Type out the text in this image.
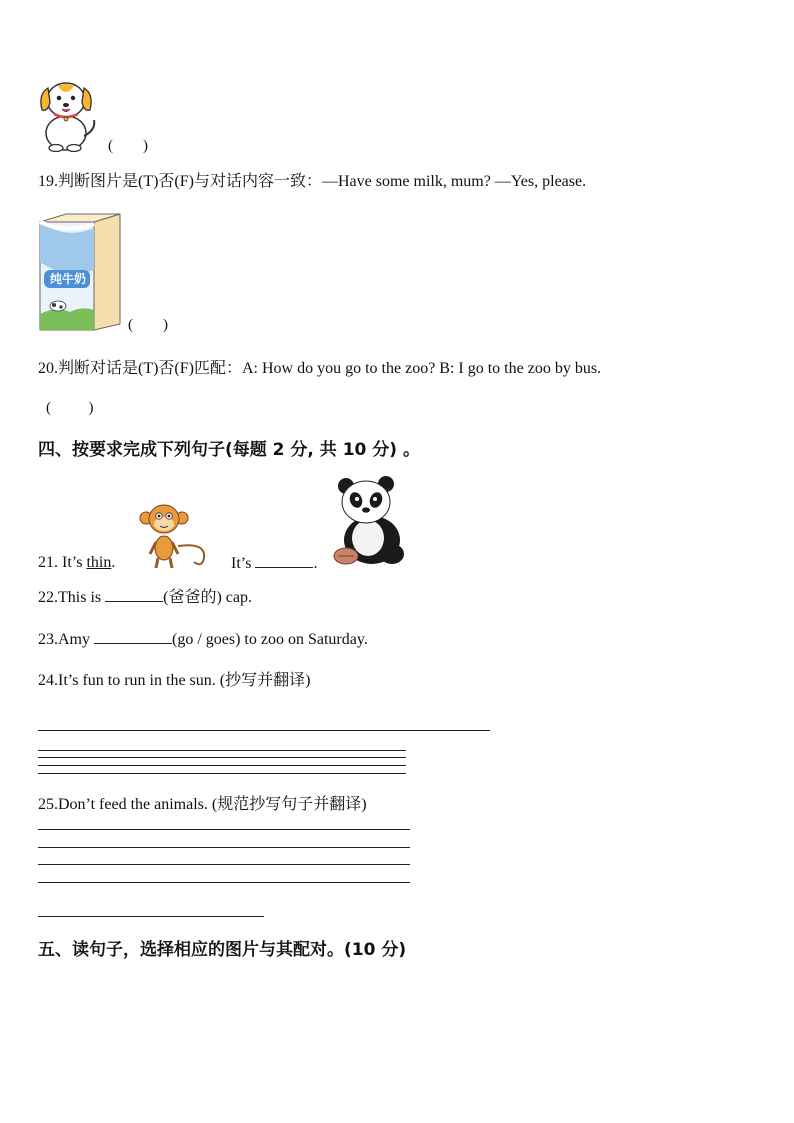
(        )
19.判断图片是(T)否(F)与对话内容一致：—Have some milk, mum? —Yes, please.
纯牛奶
(        )
20.判断对话是(T)否(F)匹配：A: How do you go to the zoo? B: I go to the zoo by bus.
(          )
四、按要求完成下列句子(每题 2 分, 共 10 分) 。
21. It’s thin.	It’s	.
22.This is	(爸爸的) cap.
23.Amy	(go / goes) to zoo on Saturday.
24.It’s fun to run in the sun. (抄写并翻译)
25.Don’t feed the animals. (规范抄写句子并翻译)
五、读句子，选择相应的图片与其配对。(10 分)
